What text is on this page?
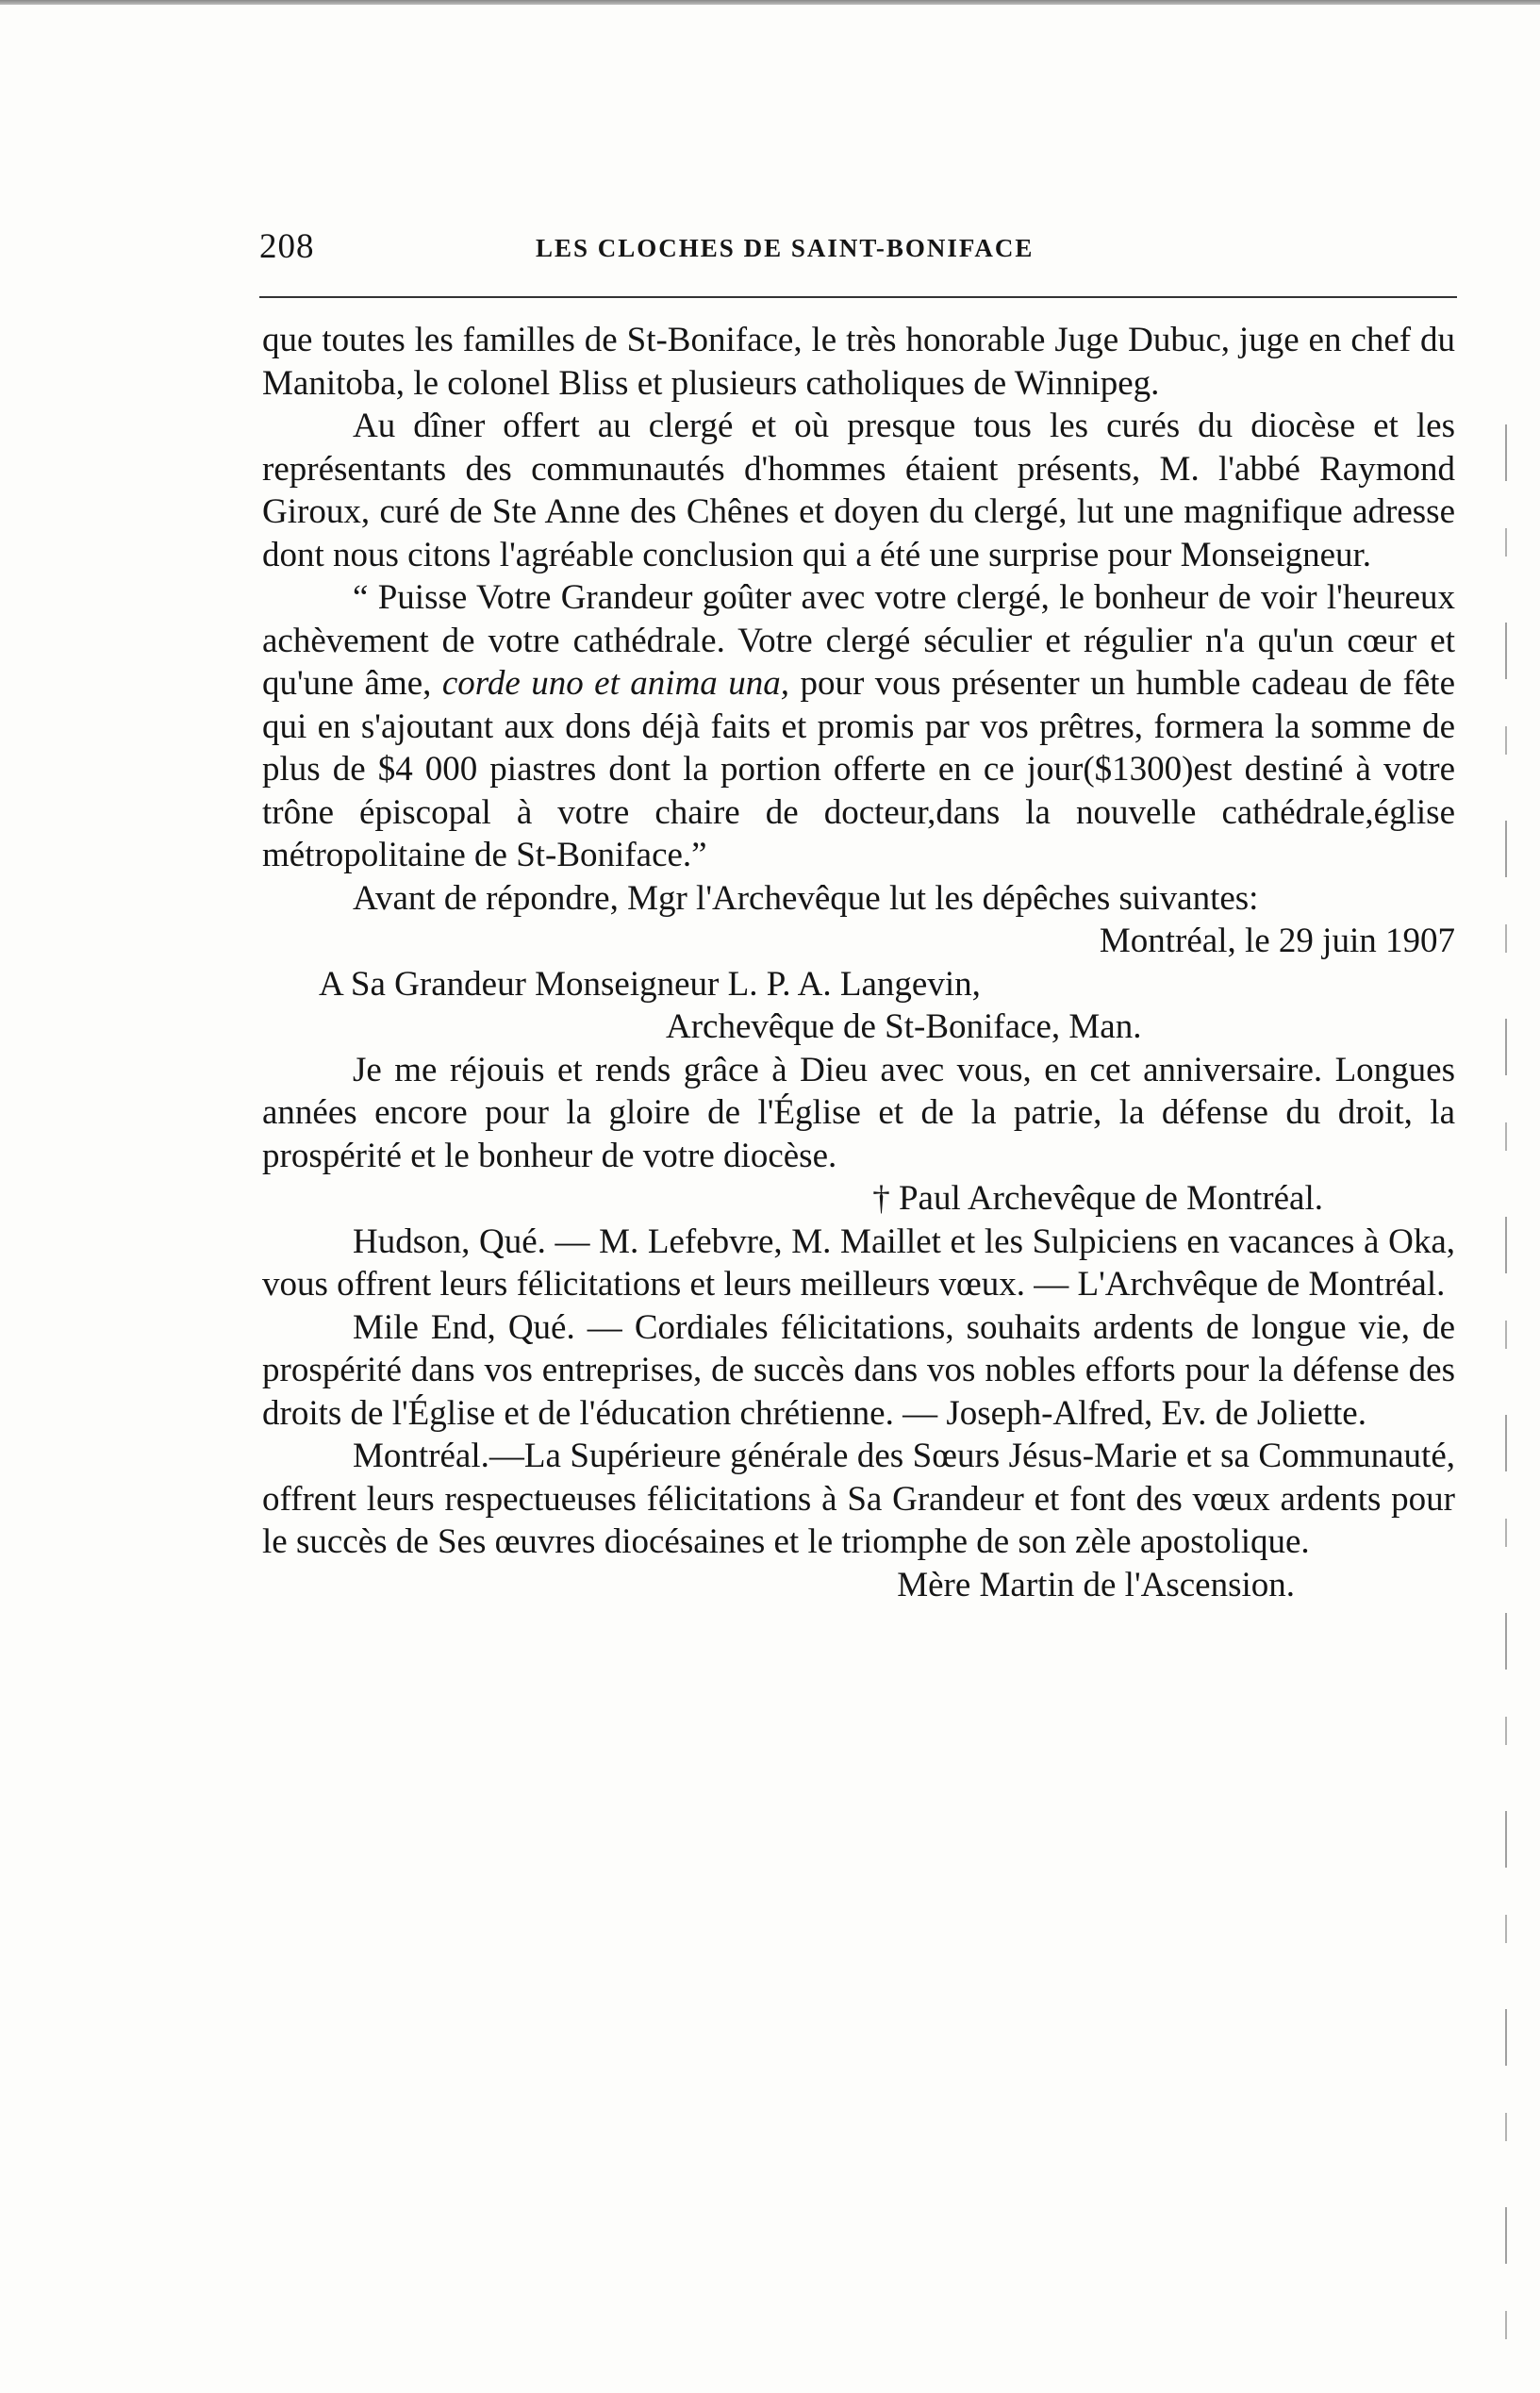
208	LES CLOCHES DE SAINT-BONIFACE

que toutes les familles de St-Boniface, le très honorable Juge Dubuc, juge en chef du Manitoba, le colonel Bliss et plusieurs catholiques de Winnipeg.

Au dîner offert au clergé et où presque tous les curés du diocèse et les représentants des communautés d'hommes étaient présents, M. l'abbé Raymond Giroux, curé de Ste Anne des Chênes et doyen du clergé, lut une magnifique adresse dont nous citons l'agréable conclusion qui a été une surprise pour Monseigneur.

“ Puisse Votre Grandeur goûter avec votre clergé, le bonheur de voir l'heureux achèvement de votre cathédrale. Votre clergé séculier et régulier n'a qu'un cœur et qu'une âme, corde uno et anima una, pour vous présenter un humble cadeau de fête qui en s'ajoutant aux dons déjà faits et promis par vos prêtres, formera la somme de plus de $4 000 piastres dont la portion offerte en ce jour($1300)est destiné à votre trône épiscopal à votre chaire de docteur,dans la nouvelle cathédrale,église métropolitaine de St-Boniface.”

Avant de répondre, Mgr l'Archevêque lut les dépêches suivantes:

Montréal, le 29 juin 1907

A Sa Grandeur Monseigneur L. P. A. Langevin,

Archevêque de St-Boniface, Man.

Je me réjouis et rends grâce à Dieu avec vous, en cet anniversaire. Longues années encore pour la gloire de l'Église et de la patrie, la défense du droit, la prospérité et le bonheur de votre diocèse.

† Paul Archevêque de Montréal.

Hudson, Qué. — M. Lefebvre, M. Maillet et les Sulpiciens en vacances à Oka, vous offrent leurs félicitations et leurs meilleurs vœux. — L'Archvêque de Montréal.

Mile End, Qué. — Cordiales félicitations, souhaits ardents de longue vie, de prospérité dans vos entreprises, de succès dans vos nobles efforts pour la défense des droits de l'Église et de l'éducation chrétienne. — Joseph-Alfred, Ev. de Joliette.

Montréal.—La Supérieure générale des Sœurs Jésus-Marie et sa Communauté, offrent leurs respectueuses félicitations à Sa Grandeur et font des vœux ardents pour le succès de Ses œuvres diocésaines et le triomphe de son zèle apostolique.

Mère Martin de l'Ascension.
